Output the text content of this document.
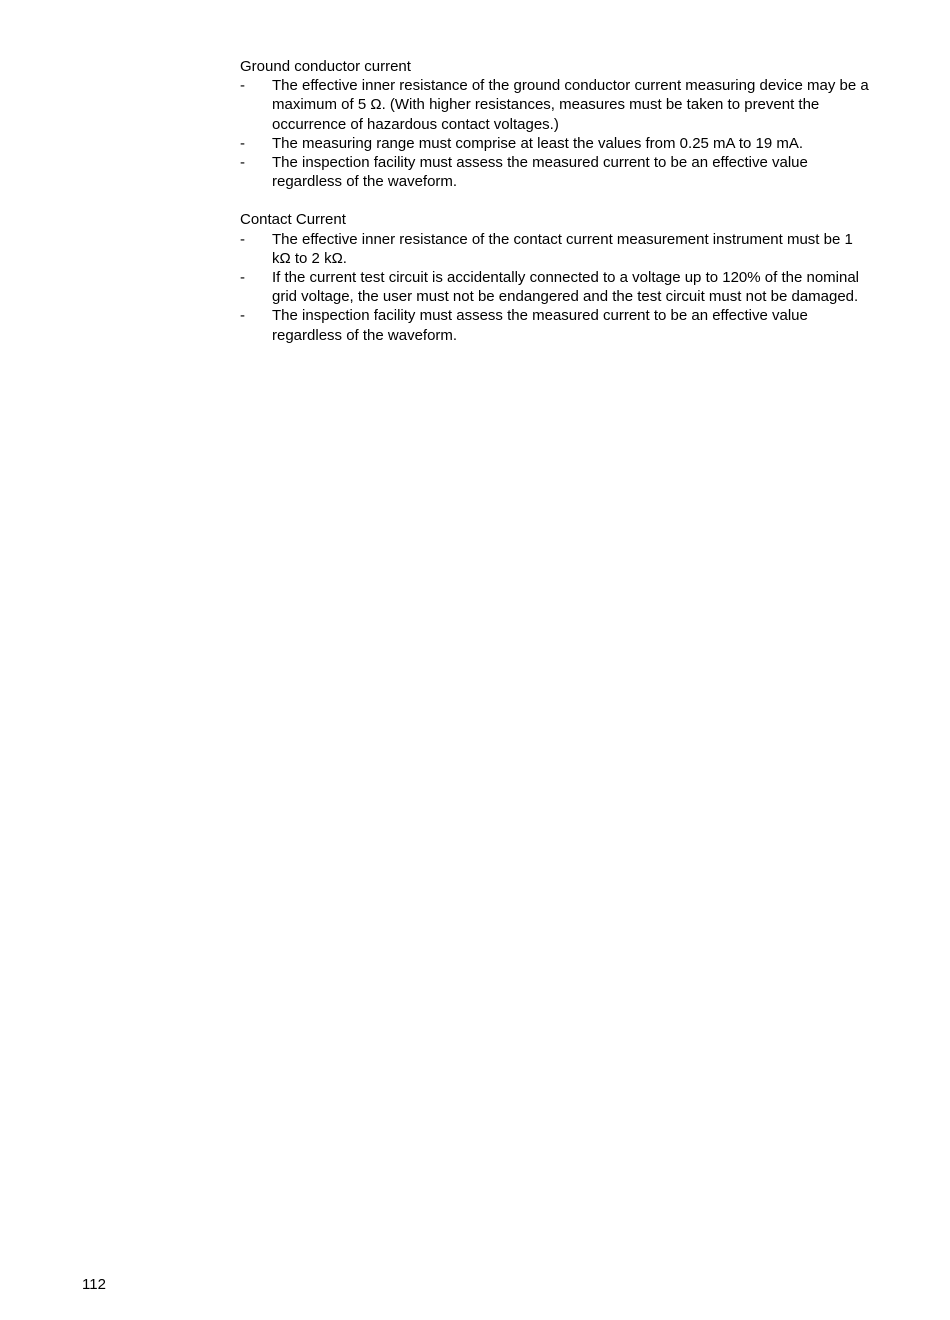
Ground conductor current

- The effective inner resistance of the ground conductor current measuring device may be a maximum of 5 Ω. (With higher resistances, measures must be taken to prevent the occurrence of hazardous contact voltages.)
- The measuring range must comprise at least the values from 0.25 mA to 19 mA.
- The inspection facility must assess the measured current to be an effective value regardless of the waveform.

Contact Current

- The effective inner resistance of the contact current measurement instrument must be 1 kΩ to 2 kΩ.
- If the current test circuit is accidentally connected to a voltage up to 120% of the nominal grid voltage, the user must not be endangered and the test circuit must not be damaged.
- The inspection facility must assess the measured current to be an effective value regardless of the waveform.
112
